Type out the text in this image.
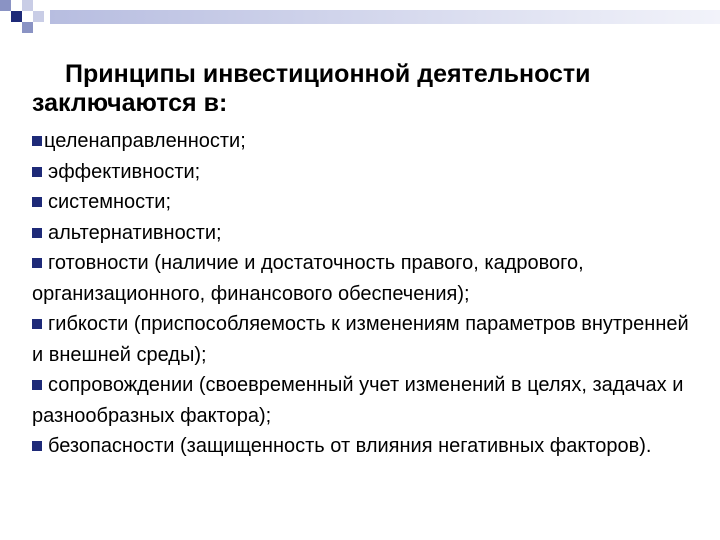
Принципы инвестиционной деятельности
заключаются в:
целенаправленности;
эффективности;
системности;
альтернативности;
готовности (наличие и достаточность правого, кадрового, организационного, финансового обеспечения);
гибкости (приспособляемость к изменениям параметров внутренней и внешней среды);
сопровождении (своевременный учет изменений в целях, задачах и разнообразных фактора);
безопасности (защищенность от влияния негативных факторов).
